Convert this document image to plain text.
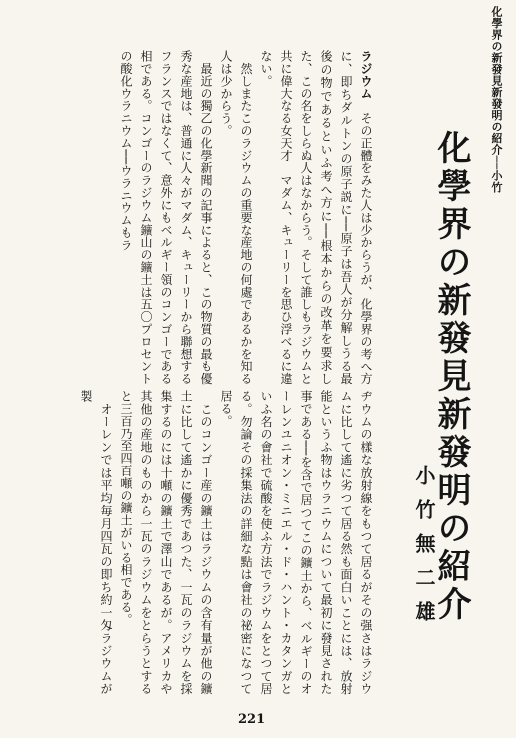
化學界の新發見新發明の紹介──小竹

ラジウム　その正體をみた人は少からうが、化學界の考へ方に、即ちダルトンの原子説に──原子は吾人が分解しうる最後の物であるといふ考へ方に──根本からの改革を要求した、この名をしらぬ人はなからう。そして誰しもラジウムと共に偉大なる女天才　マダム、キューリーを思ひ浮べるに違ない。

　然しまたこのラジウムの重要な産地の何處であるかを知る人は少からう。

　最近の獨乙の化學新聞の記事によると、この物質の最も優秀な産地は、普通に人々がマダム、キューリーから聯想するフランスではなくて、意外にもベルギー領のコンゴーである相である。コンゴーのラジウム鑛山の鑛土は五〇プロセントの酸化ウラニウム──ウラニウムもラ

ヂウムの樣な放射線をもつて居るがその强さはラジウムに比して遙に劣つて居る然も面白いことには、放射能というふ物はウラニウムについて最初に發見された事である──を含で居つてこの鑛土から、ベルギーのオーレンユニオン・ミニエル・ド・ハント・カタンガといふ名の會社で硫酸を使ふ方法でラジウムをとつて居る。勿論その採集法の詳細な點は會社の祕密になつて居る。

　このコンゴー産の鑛土はラジウムの含有量が他の鑛土に比して遙かに優秀であつた、一瓦のラジウムを採集するのには十噸の鑛土で澤山であるが。アメリカや其他の産地のものから一瓦のラジウムをとらうとすると三百乃至四百噸の鑛土がいる相である。

　オーレンでは平均毎月四瓦の即ち約一匁ラジウムが製	化學界の新發見新發明の紹介
小竹無二雄
221
